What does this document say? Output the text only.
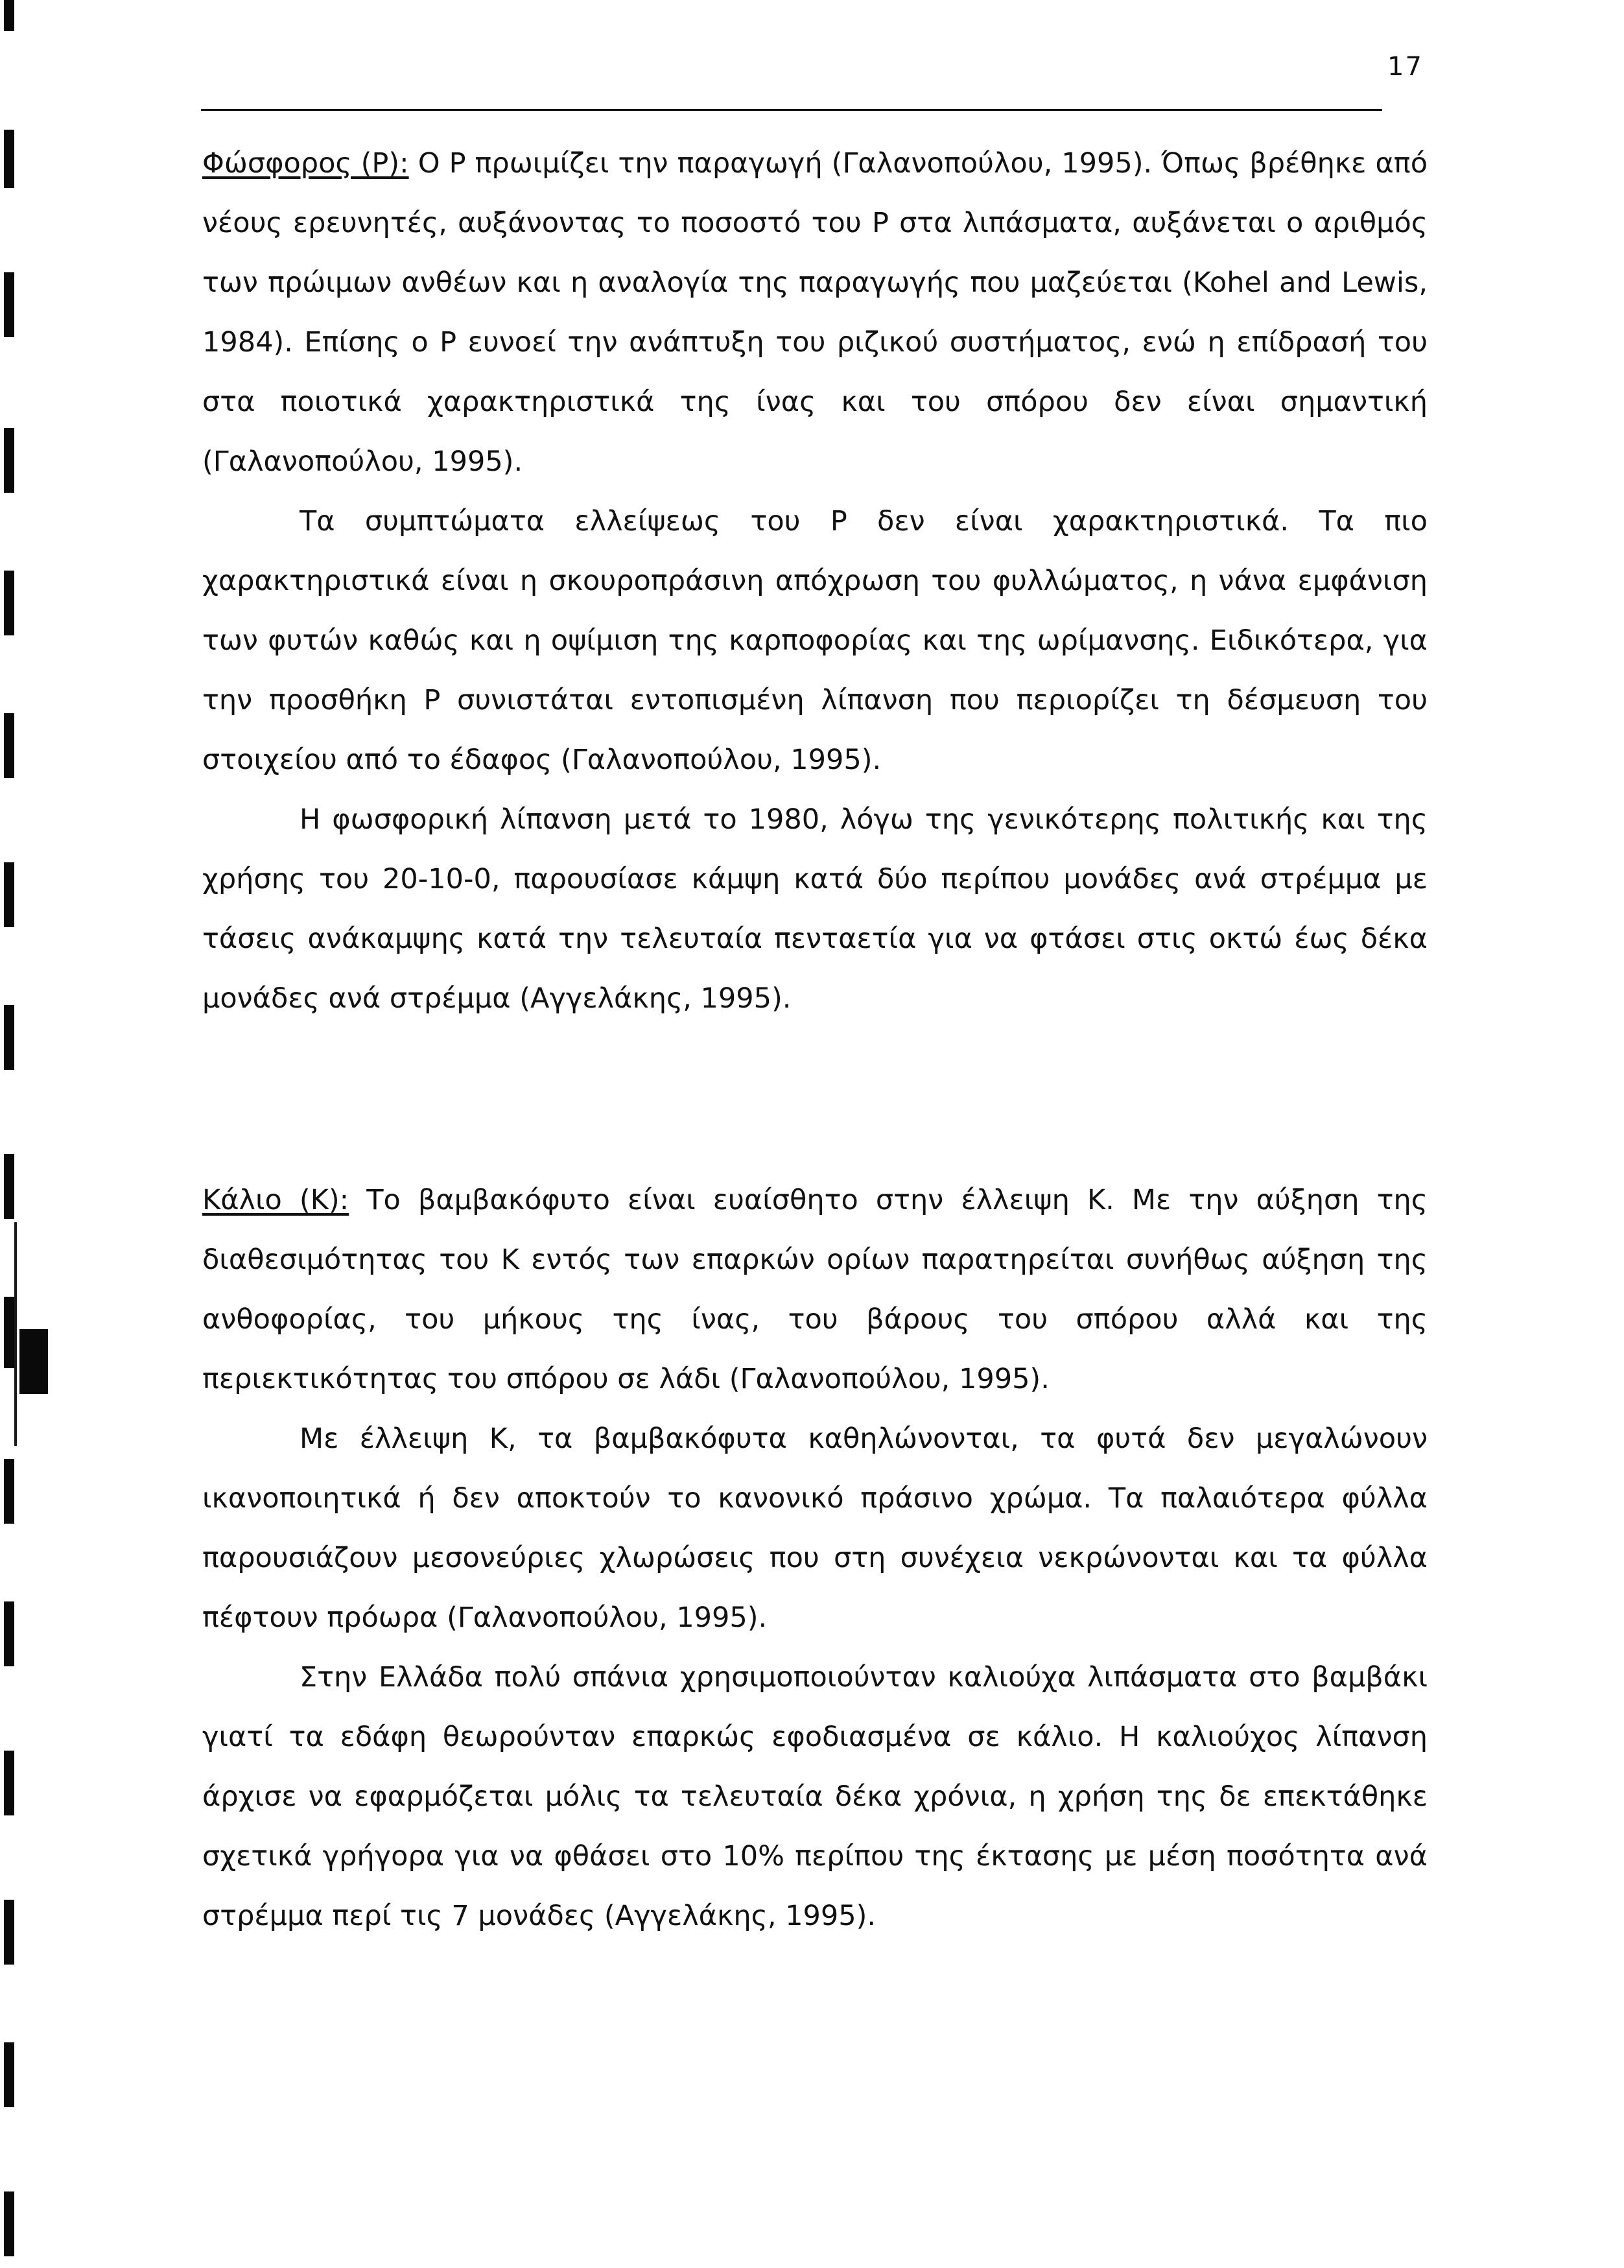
17

Φώσφορος (Ρ): Ο Ρ πρωιμίζει την παραγωγή (Γαλανοπούλου, 1995). Όπως βρέθηκε από νέους ερευνητές, αυξάνοντας το ποσοστό του Ρ στα λιπάσματα, αυξάνεται ο αριθμός των πρώιμων ανθέων και η αναλογία της παραγωγής που μαζεύεται (Kohel and Lewis, 1984). Επίσης ο Ρ ευνοεί την ανάπτυξη του ριζικού συστήματος, ενώ η επίδρασή του στα ποιοτικά χαρακτηριστικά της ίνας και του σπόρου δεν είναι σημαντική (Γαλανοπούλου, 1995).

Τα συμπτώματα ελλείψεως του Ρ δεν είναι χαρακτηριστικά. Τα πιο χαρακτηριστικά είναι η σκουροπράσινη απόχρωση του φυλλώματος, η νάνα εμφάνιση των φυτών καθώς και η οψίμιση της καρποφορίας και της ωρίμανσης. Ειδικότερα, για την προσθήκη Ρ συνιστάται εντοπισμένη λίπανση που περιορίζει τη δέσμευση του στοιχείου από το έδαφος (Γαλανοπούλου, 1995).

Η φωσφορική λίπανση μετά το 1980, λόγω της γενικότερης πολιτικής και της χρήσης του 20-10-0, παρουσίασε κάμψη κατά δύο περίπου μονάδες ανά στρέμμα με τάσεις ανάκαμψης κατά την τελευταία πενταετία για να φτάσει στις οκτώ έως δέκα μονάδες ανά στρέμμα (Αγγελάκης, 1995).

Κάλιο (Κ): Το βαμβακόφυτο είναι ευαίσθητο στην έλλειψη Κ. Με την αύξηση της διαθεσιμότητας του Κ εντός των επαρκών ορίων παρατηρείται συνήθως αύξηση της ανθοφορίας, του μήκους της ίνας, του βάρους του σπόρου αλλά και της περιεκτικότητας του σπόρου σε λάδι (Γαλανοπούλου, 1995).

Με έλλειψη Κ, τα βαμβακόφυτα καθηλώνονται, τα φυτά δεν μεγαλώνουν ικανοποιητικά ή δεν αποκτούν το κανονικό πράσινο χρώμα. Τα παλαιότερα φύλλα παρουσιάζουν μεσονεύριες χλωρώσεις που στη συνέχεια νεκρώνονται και τα φύλλα πέφτουν πρόωρα (Γαλανοπούλου, 1995).

Στην Ελλάδα πολύ σπάνια χρησιμοποιούνταν καλιούχα λιπάσματα στο βαμβάκι γιατί τα εδάφη θεωρούνταν επαρκώς εφοδιασμένα σε κάλιο. Η καλιούχος λίπανση άρχισε να εφαρμόζεται μόλις τα τελευταία δέκα χρόνια, η χρήση της δε επεκτάθηκε σχετικά γρήγορα για να φθάσει στο 10% περίπου της έκτασης με μέση ποσότητα ανά στρέμμα περί τις 7 μονάδες (Αγγελάκης, 1995).
